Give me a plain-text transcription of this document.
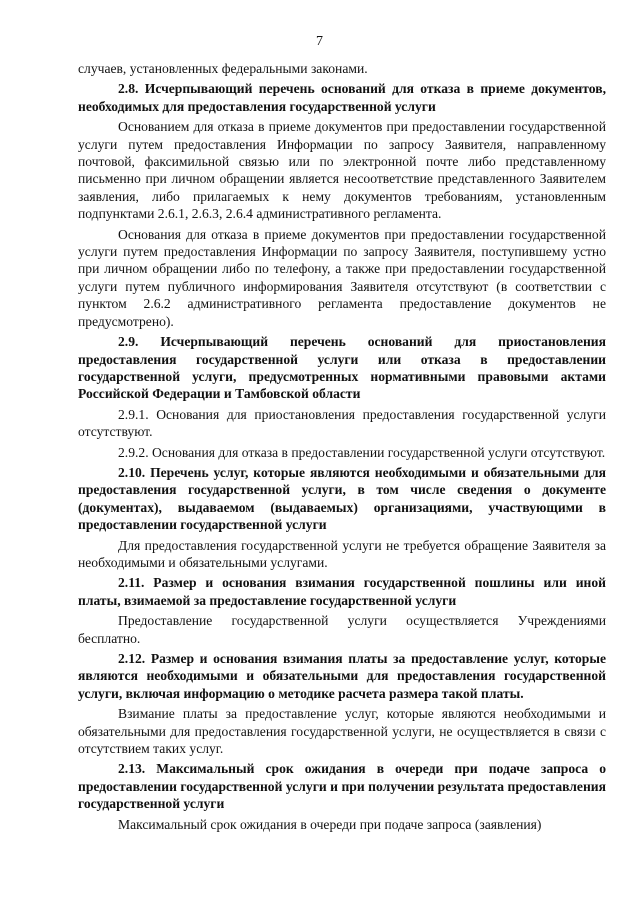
7

случаев, установленных федеральными законами.

2.8. Исчерпывающий перечень оснований для отказа в приеме документов, необходимых для предоставления государственной услуги

Основанием для отказа в приеме документов при предоставлении государственной услуги путем предоставления Информации по запросу Заявителя, направленному почтовой, факсимильной связью или по электронной почте либо представленному письменно при личном обращении является несоответствие представленного Заявителем заявления, либо прилагаемых к нему документов требованиям, установленным подпунктами 2.6.1, 2.6.3, 2.6.4 административного регламента.

Основания для отказа в приеме документов при предоставлении государственной услуги путем предоставления Информации по запросу Заявителя, поступившему устно при личном обращении либо по телефону, а также при предоставлении государственной услуги путем публичного информирования Заявителя отсутствуют (в соответствии с пунктом 2.6.2 административного регламента предоставление документов не предусмотрено).

2.9. Исчерпывающий перечень оснований для приостановления предоставления государственной услуги или отказа в предоставлении государственной услуги, предусмотренных нормативными правовыми актами Российской Федерации и Тамбовской области

2.9.1. Основания для приостановления предоставления государственной услуги отсутствуют.

2.9.2. Основания для отказа в предоставлении государственной услуги отсутствуют.

2.10. Перечень услуг, которые являются необходимыми и обязательными для предоставления государственной услуги, в том числе сведения о документе (документах), выдаваемом (выдаваемых) организациями, участвующими в предоставлении государственной услуги

Для предоставления государственной услуги не требуется обращение Заявителя за необходимыми и обязательными услугами.

2.11. Размер и основания взимания государственной пошлины или иной платы, взимаемой за предоставление государственной услуги

Предоставление государственной услуги осуществляется Учреждениями бесплатно.

2.12. Размер и основания взимания платы за предоставление услуг, которые являются необходимыми и обязательными для предоставления государственной услуги, включая информацию о методике расчета размера такой платы.

Взимание платы за предоставление услуг, которые являются необходимыми и обязательными для предоставления государственной услуги, не осуществляется в связи с отсутствием таких услуг.

2.13. Максимальный срок ожидания в очереди при подаче запроса о предоставлении государственной услуги и при получении результата предоставления государственной услуги

Максимальный срок ожидания в очереди при подаче запроса (заявления)
